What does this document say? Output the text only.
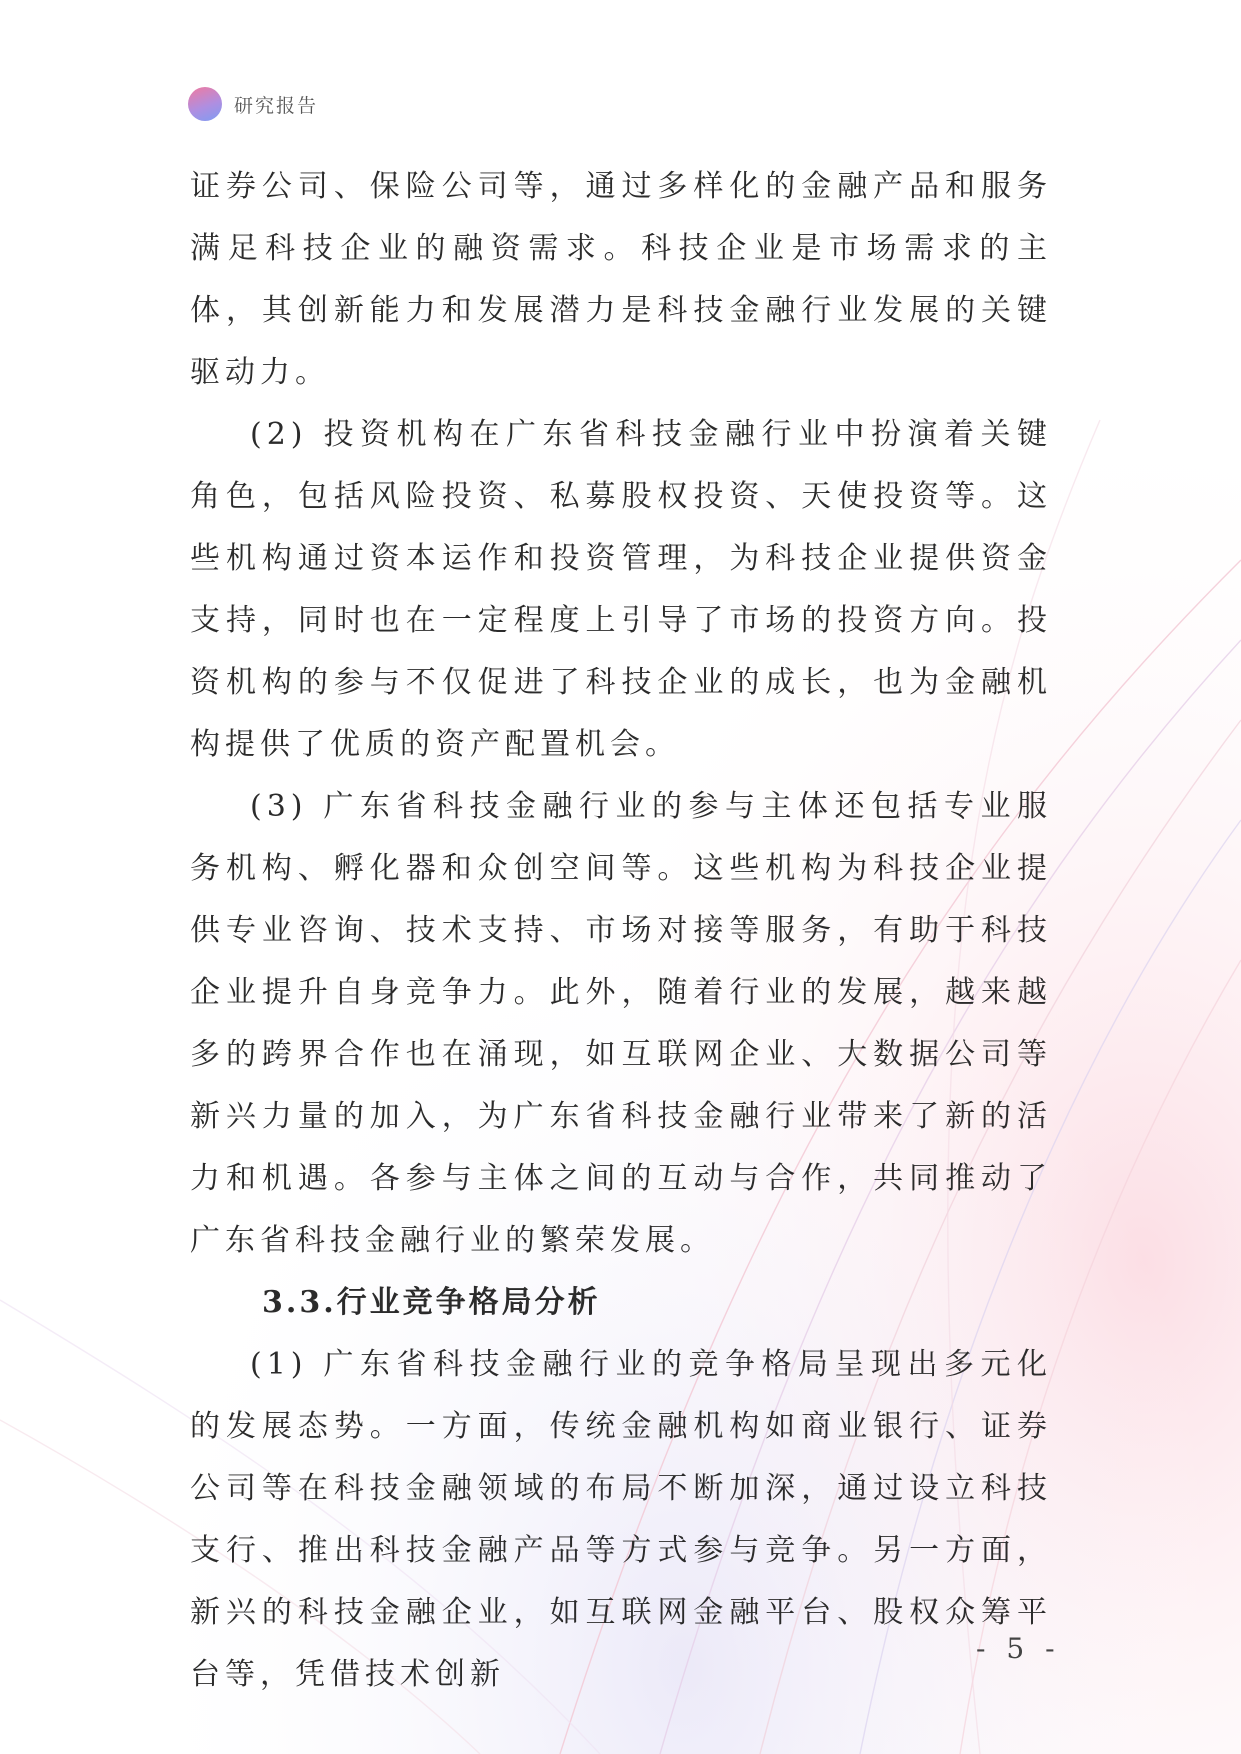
研究报告

证券公司、保险公司等，通过多样化的金融产品和服务满足科技企业的融资需求。科技企业是市场需求的主体，其创新能力和发展潜力是科技金融行业发展的关键驱动力。

(2) 投资机构在广东省科技金融行业中扮演着关键角色，包括风险投资、私募股权投资、天使投资等。这些机构通过资本运作和投资管理，为科技企业提供资金支持，同时也在一定程度上引导了市场的投资方向。投资机构的参与不仅促进了科技企业的成长，也为金融机构提供了优质的资产配置机会。

(3) 广东省科技金融行业的参与主体还包括专业服务机构、孵化器和众创空间等。这些机构为科技企业提供专业咨询、技术支持、市场对接等服务，有助于科技企业提升自身竞争力。此外，随着行业的发展，越来越多的跨界合作也在涌现，如互联网企业、大数据公司等新兴力量的加入，为广东省科技金融行业带来了新的活力和机遇。各参与主体之间的互动与合作，共同推动了广东省科技金融行业的繁荣发展。

3.3.行业竞争格局分析

(1) 广东省科技金融行业的竞争格局呈现出多元化的发展态势。一方面，传统金融机构如商业银行、证券公司等在科技金融领域的布局不断加深，通过设立科技支行、推出科技金融产品等方式参与竞争。另一方面，新兴的科技金融企业，如互联网金融平台、股权众筹平台等，凭借技术创新

- 5 -
